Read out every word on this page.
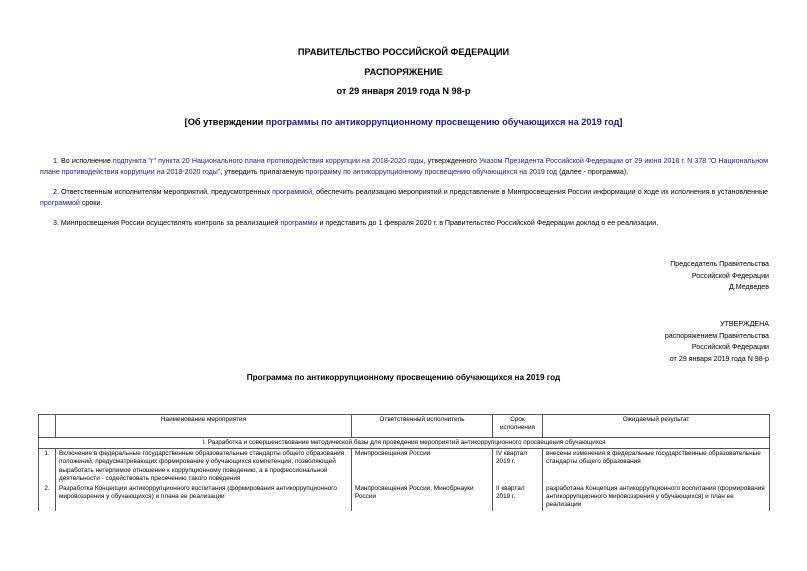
ПРАВИТЕЛЬСТВО РОССИЙСКОЙ ФЕДЕРАЦИИ
РАСПОРЯЖЕНИЕ
от 29 января 2019 года N 98-р
[Об утверждении программы по антикоррупционному просвещению обучающихся на 2019 год]
1. Во исполнение подпункта "г" пункта 20 Национального плана противодействия коррупции на 2018-2020 годы, утвержденного Указом Президента Российской Федерации от 29 июня 2018 г. N 378 "О Национальном плане противодействия коррупции на 2018-2020 годы", утвердить прилагаемую программу по антикоррупционному просвещению обучающихся на 2019 год (далее - программа).
2. Ответственным исполнителям мероприятий, предусмотренных программой, обеспечить реализацию мероприятий и представление в Минпросвещения России информации о ходе их исполнения в установленные программой сроки.
3. Минпросвещения России осуществлять контроль за реализацией программы и представить до 1 февраля 2020 г. в Правительство Российской Федерации доклад о ее реализации.
Председатель Правительства
Российской Федерации
Д.Медведев
УТВЕРЖДЕНА
распоряжением Правительства
Российской Федерации
от 29 января 2019 года N 98-р
Программа по антикоррупционному просвещению обучающихся на 2019 год
	Наименование мероприятия	Ответственный исполнитель	Срок исполнения	Ожидаемый результат
I. Разработка и совершенствование методической базы для проведения мероприятий антикоррупционного просвещения обучающихся				
1.	Включение в федеральные государственные образовательные стандарты общего образования положений, предусматривающих формирование у обучающихся компетенции, позволяющей выработать нетерпимое отношение к коррупционному поведению, а в профессиональной деятельности - содействовать пресечению такого поведения	Минпросвещения России	IV квартал 2019 г.	внесены изменения в федеральные государственные образовательные стандарты общего образования
2.	Разработка Концепции антикоррупционного воспитания (формирования антикоррупционного мировоззрения у обучающихся) и плана ее реализации	Минпросвещения России, Минобрнауки России	II квартал 2019 г.	разработана Концепция антикоррупционного воспитания (формирования антикоррупционного мировоззрения у обучающихся) и план ее реализации
